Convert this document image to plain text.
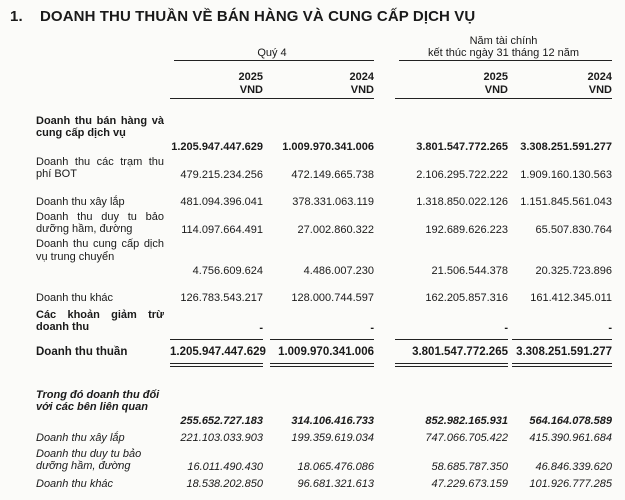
1. DOANH THU THUẦN VỀ BÁN HÀNG VÀ CUNG CẤP DỊCH VỤ
Quý 4
Năm tài chính
kết thúc ngày 31 tháng 12 năm
2025
VND
2024
VND
2025
VND
2024
VND
Doanh thu bán hàng và cung cấp dịch vụ
1.205.947.447.629	1.009.970.341.006	3.801.547.772.265	3.308.251.591.277
Doanh thu các trạm thu phí BOT	479.215.234.256	472.149.665.738	2.106.295.722.222	1.909.160.130.563
Doanh thu xây lắp	481.094.396.041	378.331.063.119	1.318.850.022.126	1.151.845.561.043
Doanh thu duy tu bảo dưỡng hầm, đường	114.097.664.491	27.002.860.322	192.689.626.223	65.507.830.764
Doanh thu cung cấp dịch vụ trung chuyển
4.756.609.624	4.486.007.230	21.506.544.378	20.325.723.896
Doanh thu khác	126.783.543.217	128.000.744.597	162.205.857.316	161.412.345.011
Các khoản giảm trừ doanh thu	-	-	-	-
Doanh thu thuần	1.205.947.447.629	1.009.970.341.006	3.801.547.772.265 3.308.251.591.277
Trong đó doanh thu đối với các bên liên quan
255.652.727.183	314.106.416.733	852.982.165.931	564.164.078.589
Doanh thu xây lắp	221.103.033.903	199.359.619.034	747.066.705.422	415.390.961.684
Doanh thu duy tu bảo dưỡng hầm, đường	16.011.490.430	18.065.476.086	58.685.787.350	46.846.339.620
Doanh thu khác	18.538.202.850	96.681.321.613	47.229.673.159	101.926.777.285
